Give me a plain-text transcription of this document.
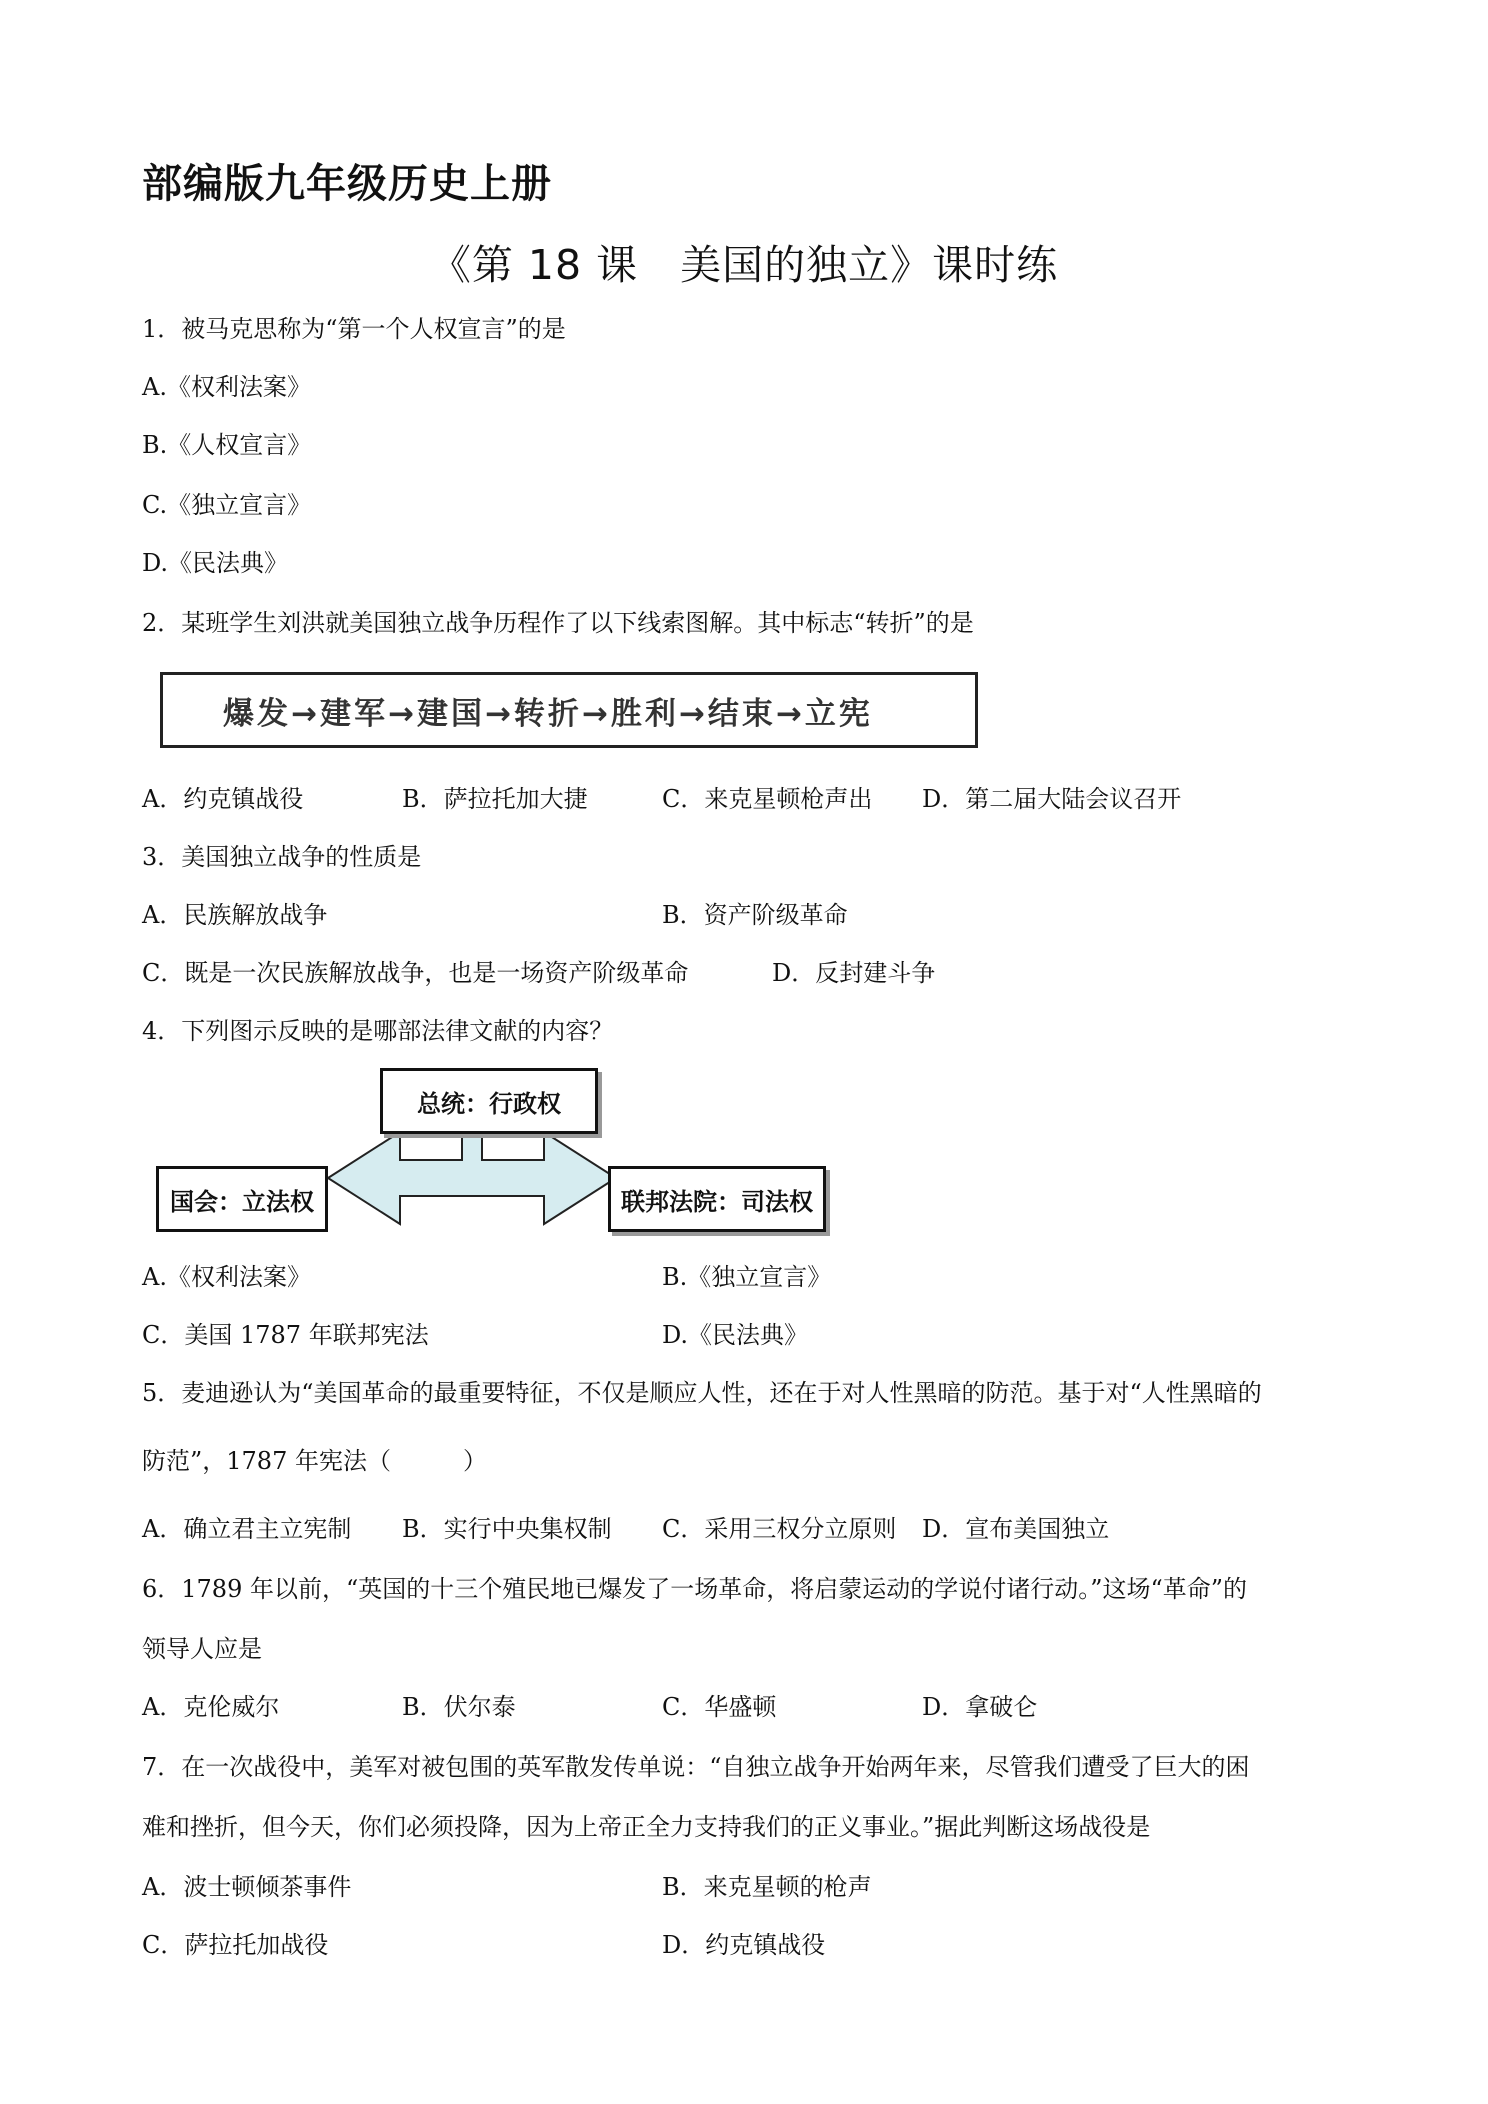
部编版九年级历史上册
《第 18 课　美国的独立》课时练
1．被马克思称为“第一个人权宣言”的是
A.《权利法案》
B.《人权宣言》
C.《独立宣言》
D.《民法典》
2．某班学生刘洪就美国独立战争历程作了以下线索图解。其中标志“转折”的是
爆发→建军→建国→转折→胜利→结束→立宪
A．约克镇战役	B．萨拉托加大捷	C．来克星顿枪声出 D．第二届大陆会议召开
3．美国独立战争的性质是
A．民族解放战争	B．资产阶级革命
C．既是一次民族解放战争，也是一场资产阶级革命	D．反封建斗争
4．下列图示反映的是哪部法律文献的内容？
总统：行政权
国会：立法权	联邦法院：司法权
A.《权利法案》	B.《独立宣言》
C．美国 1787 年联邦宪法	D.《民法典》
5．麦迪逊认为“美国革命的最重要特征，不仅是顺应人性，还在于对人性黑暗的防范。基于对“人性黑暗的
防范”，1787 年宪法（　　　）
A．确立君主立宪制 B．实行中央集权制 C．采用三权分立原则 D．宣布美国独立
6．1789 年以前，“英国的十三个殖民地已爆发了一场革命，将启蒙运动的学说付诸行动。”这场“革命”的
领导人应是
A．克伦威尔	B．伏尔泰	C．华盛顿	D．拿破仑
7．在一次战役中，美军对被包围的英军散发传单说：“自独立战争开始两年来，尽管我们遭受了巨大的困
难和挫折，但今天，你们必须投降，因为上帝正全力支持我们的正义事业。”据此判断这场战役是
A．波士顿倾茶事件	B．来克星顿的枪声
C．萨拉托加战役	D．约克镇战役
